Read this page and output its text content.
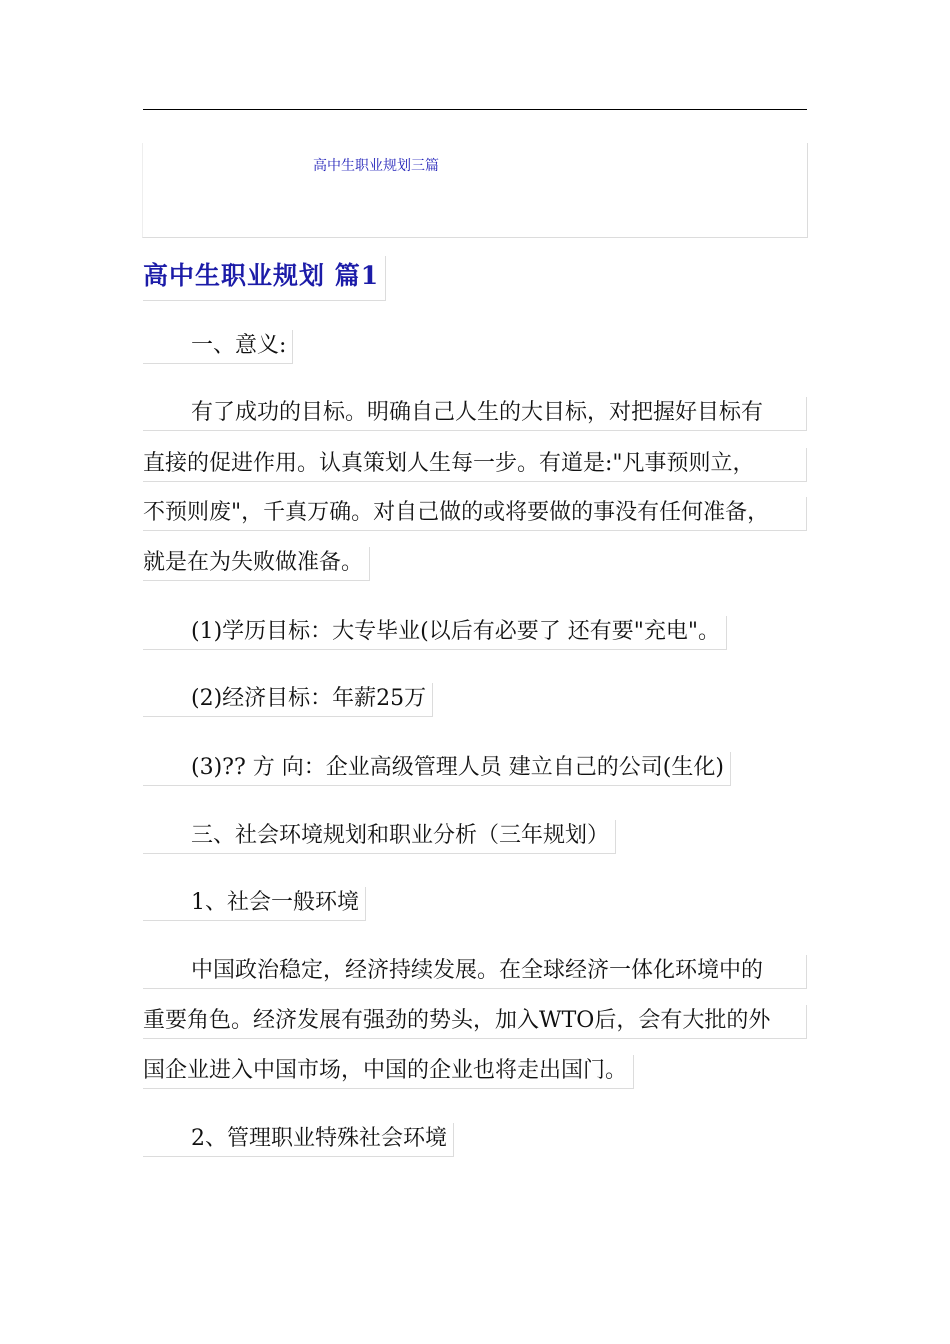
高中生职业规划三篇
高中生职业规划 篇1
一、意义:
有了成功的目标。明确自己人生的大目标，对把握好目标有
直接的促进作用。认真策划人生每一步。有道是:"凡事预则立，
不预则废"，千真万确。对自己做的或将要做的事没有任何准备，
就是在为失败做准备。
(1)学历目标：大专毕业(以后有必要了 还有要"充电"。
(2)经济目标：年薪25万
(3)?? 方 向：企业高级管理人员 建立自己的公司(生化)
三、社会环境规划和职业分析（三年规划）
1、社会一般环境
中国政治稳定，经济持续发展。在全球经济一体化环境中的
重要角色。经济发展有强劲的势头，加入WTO后，会有大批的外
国企业进入中国市场，中国的企业也将走出国门。
2、管理职业特殊社会环境
